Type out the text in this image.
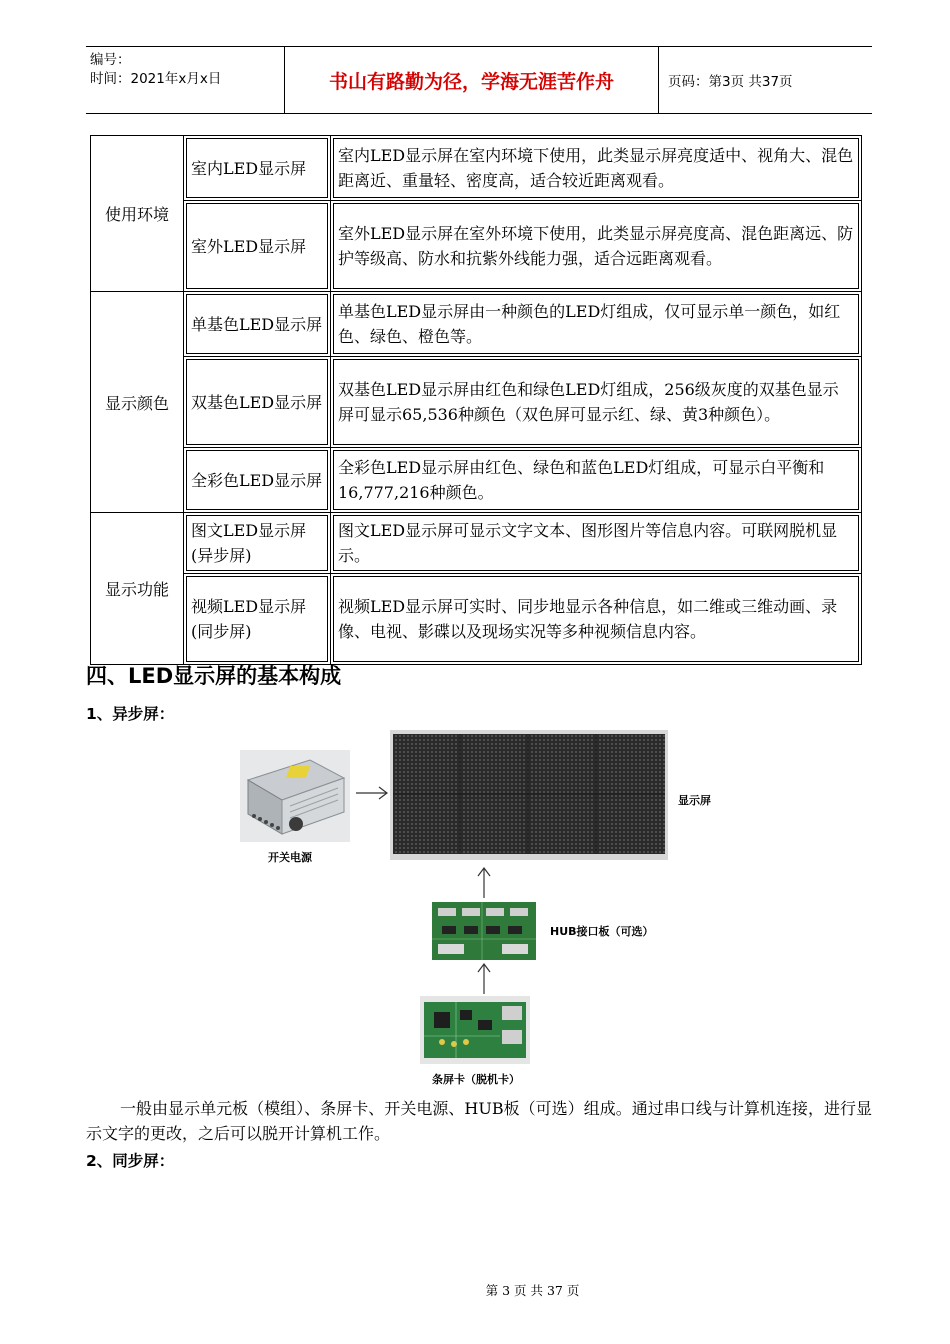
编号：
时间：2021年x月x日	书山有路勤为径，学海无涯苦作舟	页码：第3页 共37页
使用环境	室内LED显示屏	室内LED显示屏在室内环境下使用，此类显示屏亮度适中、视角大、混色距离近、重量轻、密度高，适合较近距离观看。

室外LED显示屏	室外LED显示屏在室外环境下使用，此类显示屏亮度高、混色距离远、防护等级高、防水和抗紫外线能力强，适合远距离观看。

显示颜色	单基色LED显示屏	单基色LED显示屏由一种颜色的LED灯组成，仅可显示单一颜色，如红色、绿色、橙色等。

双基色LED显示屏	双基色LED显示屏由红色和绿色LED灯组成，256级灰度的双基色显示屏可显示65,536种颜色（双色屏可显示红、绿、黄3种颜色）。

全彩色LED显示屏	全彩色LED显示屏由红色、绿色和蓝色LED灯组成，可显示白平衡和16,777,216种颜色。

显示功能	图文LED显示屏(异步屏)	图文LED显示屏可显示文字文本、图形图片等信息内容。可联网脱机显示。

视频LED显示屏(同步屏)	视频LED显示屏可实时、同步地显示各种信息，如二维或三维动画、录像、电视、影碟以及现场实况等多种视频信息内容。
四、LED显示屏的基本构成
1、异步屏：
开关电源
显示屏
HUB接口板（可选）
条屏卡（脱机卡）
一般由显示单元板（模组）、条屏卡、开关电源、HUB板（可选）组成。通过串口线与计算机连接，进行显示文字的更改，之后可以脱开计算机工作。
2、同步屏：
第 3 页 共 37 页
